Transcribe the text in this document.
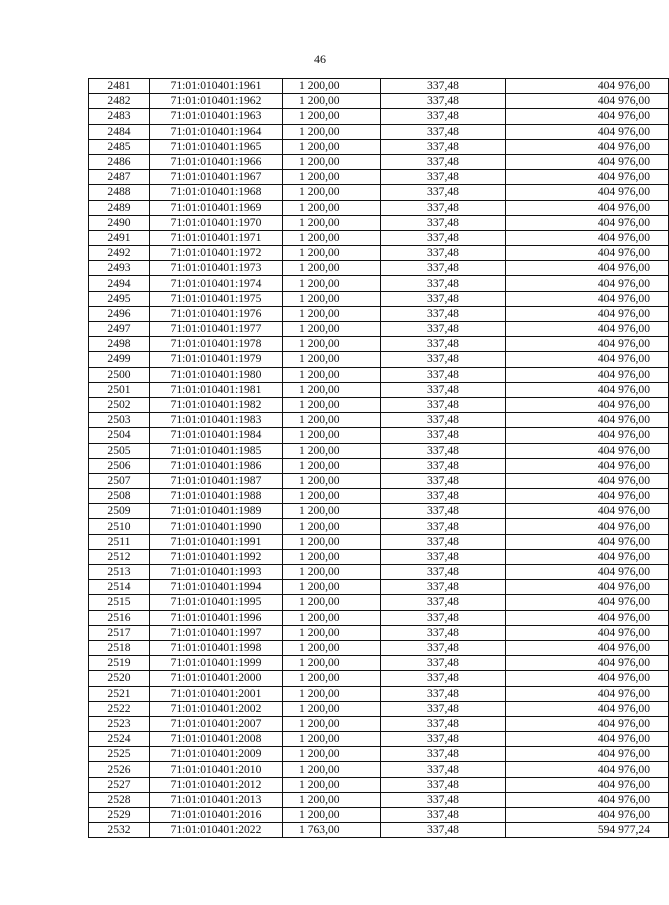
46
2481	71:01:010401:1961	1 200,00	337,48	404 976,00
2482	71:01:010401:1962	1 200,00	337,48	404 976,00
2483	71:01:010401:1963	1 200,00	337,48	404 976,00
2484	71:01:010401:1964	1 200,00	337,48	404 976,00
2485	71:01:010401:1965	1 200,00	337,48	404 976,00
2486	71:01:010401:1966	1 200,00	337,48	404 976,00
2487	71:01:010401:1967	1 200,00	337,48	404 976,00
2488	71:01:010401:1968	1 200,00	337,48	404 976,00
2489	71:01:010401:1969	1 200,00	337,48	404 976,00
2490	71:01:010401:1970	1 200,00	337,48	404 976,00
2491	71:01:010401:1971	1 200,00	337,48	404 976,00
2492	71:01:010401:1972	1 200,00	337,48	404 976,00
2493	71:01:010401:1973	1 200,00	337,48	404 976,00
2494	71:01:010401:1974	1 200,00	337,48	404 976,00
2495	71:01:010401:1975	1 200,00	337,48	404 976,00
2496	71:01:010401:1976	1 200,00	337,48	404 976,00
2497	71:01:010401:1977	1 200,00	337,48	404 976,00
2498	71:01:010401:1978	1 200,00	337,48	404 976,00
2499	71:01:010401:1979	1 200,00	337,48	404 976,00
2500	71:01:010401:1980	1 200,00	337,48	404 976,00
2501	71:01:010401:1981	1 200,00	337,48	404 976,00
2502	71:01:010401:1982	1 200,00	337,48	404 976,00
2503	71:01:010401:1983	1 200,00	337,48	404 976,00
2504	71:01:010401:1984	1 200,00	337,48	404 976,00
2505	71:01:010401:1985	1 200,00	337,48	404 976,00
2506	71:01:010401:1986	1 200,00	337,48	404 976,00
2507	71:01:010401:1987	1 200,00	337,48	404 976,00
2508	71:01:010401:1988	1 200,00	337,48	404 976,00
2509	71:01:010401:1989	1 200,00	337,48	404 976,00
2510	71:01:010401:1990	1 200,00	337,48	404 976,00
2511	71:01:010401:1991	1 200,00	337,48	404 976,00
2512	71:01:010401:1992	1 200,00	337,48	404 976,00
2513	71:01:010401:1993	1 200,00	337,48	404 976,00
2514	71:01:010401:1994	1 200,00	337,48	404 976,00
2515	71:01:010401:1995	1 200,00	337,48	404 976,00
2516	71:01:010401:1996	1 200,00	337,48	404 976,00
2517	71:01:010401:1997	1 200,00	337,48	404 976,00
2518	71:01:010401:1998	1 200,00	337,48	404 976,00
2519	71:01:010401:1999	1 200,00	337,48	404 976,00
2520	71:01:010401:2000	1 200,00	337,48	404 976,00
2521	71:01:010401:2001	1 200,00	337,48	404 976,00
2522	71:01:010401:2002	1 200,00	337,48	404 976,00
2523	71:01:010401:2007	1 200,00	337,48	404 976,00
2524	71:01:010401:2008	1 200,00	337,48	404 976,00
2525	71:01:010401:2009	1 200,00	337,48	404 976,00
2526	71:01:010401:2010	1 200,00	337,48	404 976,00
2527	71:01:010401:2012	1 200,00	337,48	404 976,00
2528	71:01:010401:2013	1 200,00	337,48	404 976,00
2529	71:01:010401:2016	1 200,00	337,48	404 976,00
2532	71:01:010401:2022	1 763,00	337,48	594 977,24
